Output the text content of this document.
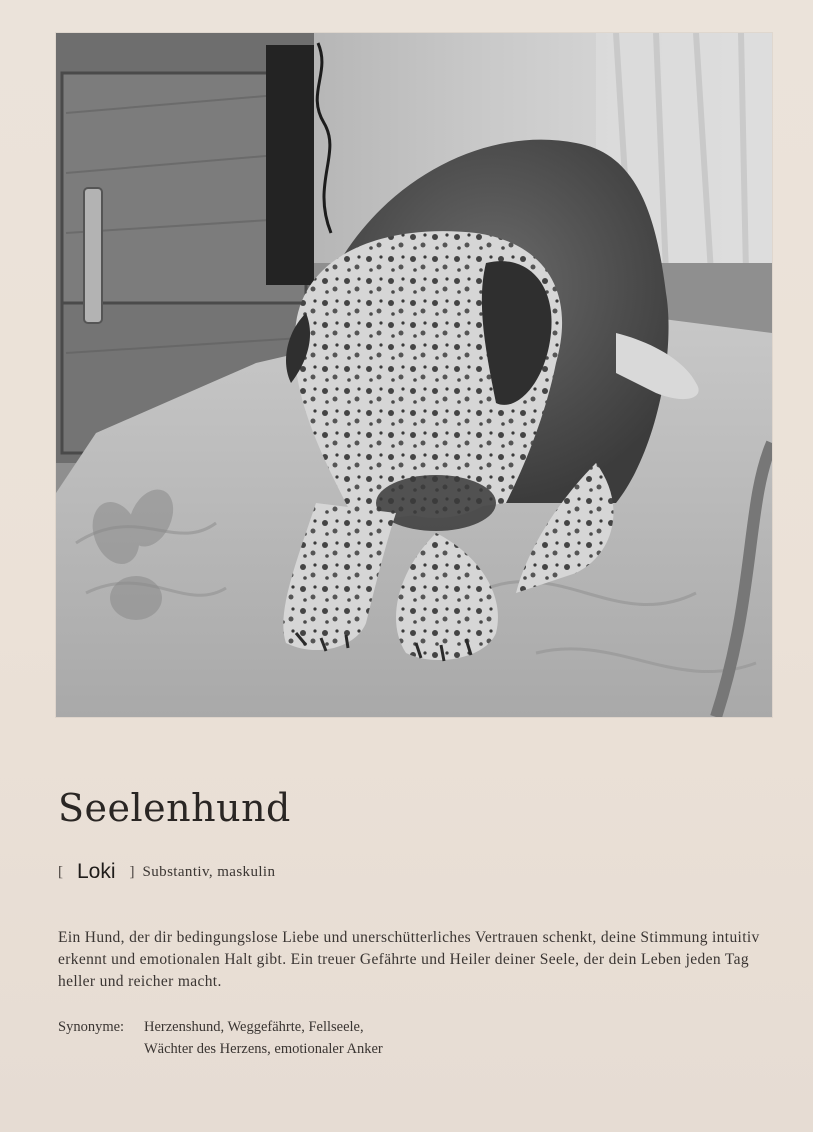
Seelenhund
[ Loki ] Substantiv, maskulin

Ein Hund, der dir bedingungslose Liebe und unerschütterliches Vertrauen schenkt, deine Stimmung intuitiv erkennt und emotionalen Halt gibt. Ein treuer Gefährte und Heiler deiner Seele, der dein Leben jeden Tag heller und reicher macht.

Synonyme:	Herzenshund, Weggefährte, Fellseele,
Wächter des Herzens, emotionaler Anker
